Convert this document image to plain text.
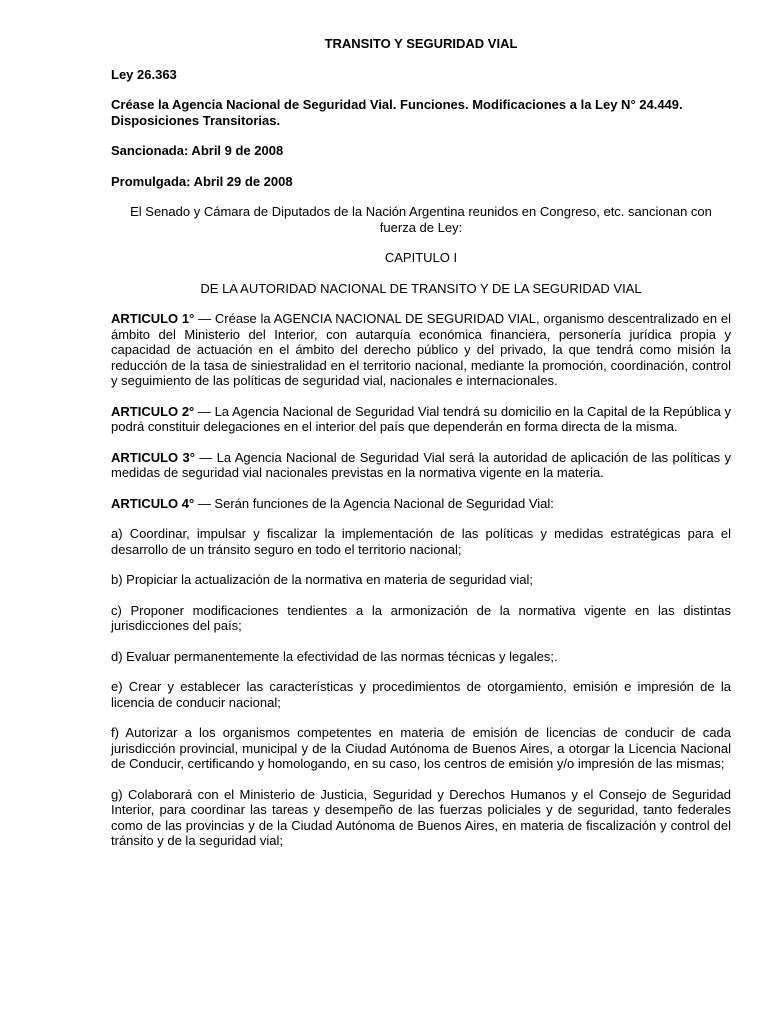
TRANSITO Y SEGURIDAD VIAL
Ley 26.363
Créase la Agencia Nacional de Seguridad Vial. Funciones. Modificaciones a la Ley N° 24.449. Disposiciones Transitorias.
Sancionada: Abril 9 de 2008
Promulgada: Abril 29 de 2008
El Senado y Cámara de Diputados de la Nación Argentina reunidos en Congreso, etc. sancionan con fuerza de Ley:
CAPITULO I
DE LA AUTORIDAD NACIONAL DE TRANSITO Y DE LA SEGURIDAD VIAL

ARTICULO 1° — Créase la AGENCIA NACIONAL DE SEGURIDAD VIAL, organismo descentralizado en el ámbito del Ministerio del Interior, con autarquía económica financiera, personería jurídica propia y capacidad de actuación en el ámbito del derecho público y del privado, la que tendrá como misión la reducción de la tasa de siniestralidad en el territorio nacional, mediante la promoción, coordinación, control y seguimiento de las políticas de seguridad vial, nacionales e internacionales.

ARTICULO 2° — La Agencia Nacional de Seguridad Vial tendrá su domicilio en la Capital de la República y podrá constituir delegaciones en el interior del país que dependerán en forma directa de la misma.

ARTICULO 3° — La Agencia Nacional de Seguridad Vial será la autoridad de aplicación de las políticas y medidas de seguridad vial nacionales previstas en la normativa vigente en la materia.

ARTICULO 4° — Serán funciones de la Agencia Nacional de Seguridad Vial:

a) Coordinar, impulsar y fiscalizar la implementación de las políticas y medidas estratégicas para el desarrollo de un tránsito seguro en todo el territorio nacional;

b) Propiciar la actualización de la normativa en materia de seguridad vial;

c) Proponer modificaciones tendientes a la armonización de la normativa vigente en las distintas jurisdicciones del país;

d) Evaluar permanentemente la efectividad de las normas técnicas y legales;.

e) Crear y establecer las características y procedimientos de otorgamiento, emisión e impresión de la licencia de conducir nacional;

f) Autorizar a los organismos competentes en materia de emisión de licencias de conducir de cada jurisdicción provincial, municipal y de la Ciudad Autónoma de Buenos Aires, a otorgar la Licencia Nacional de Conducir, certificando y homologando, en su caso, los centros de emisión y/o impresión de las mismas;

g) Colaborará con el Ministerio de Justicia, Seguridad y Derechos Humanos y el Consejo de Seguridad Interior, para coordinar las tareas y desempeño de las fuerzas policiales y de seguridad, tanto federales como de las provincias y de la Ciudad Autónoma de Buenos Aires, en materia de fiscalización y control del tránsito y de la seguridad vial;
